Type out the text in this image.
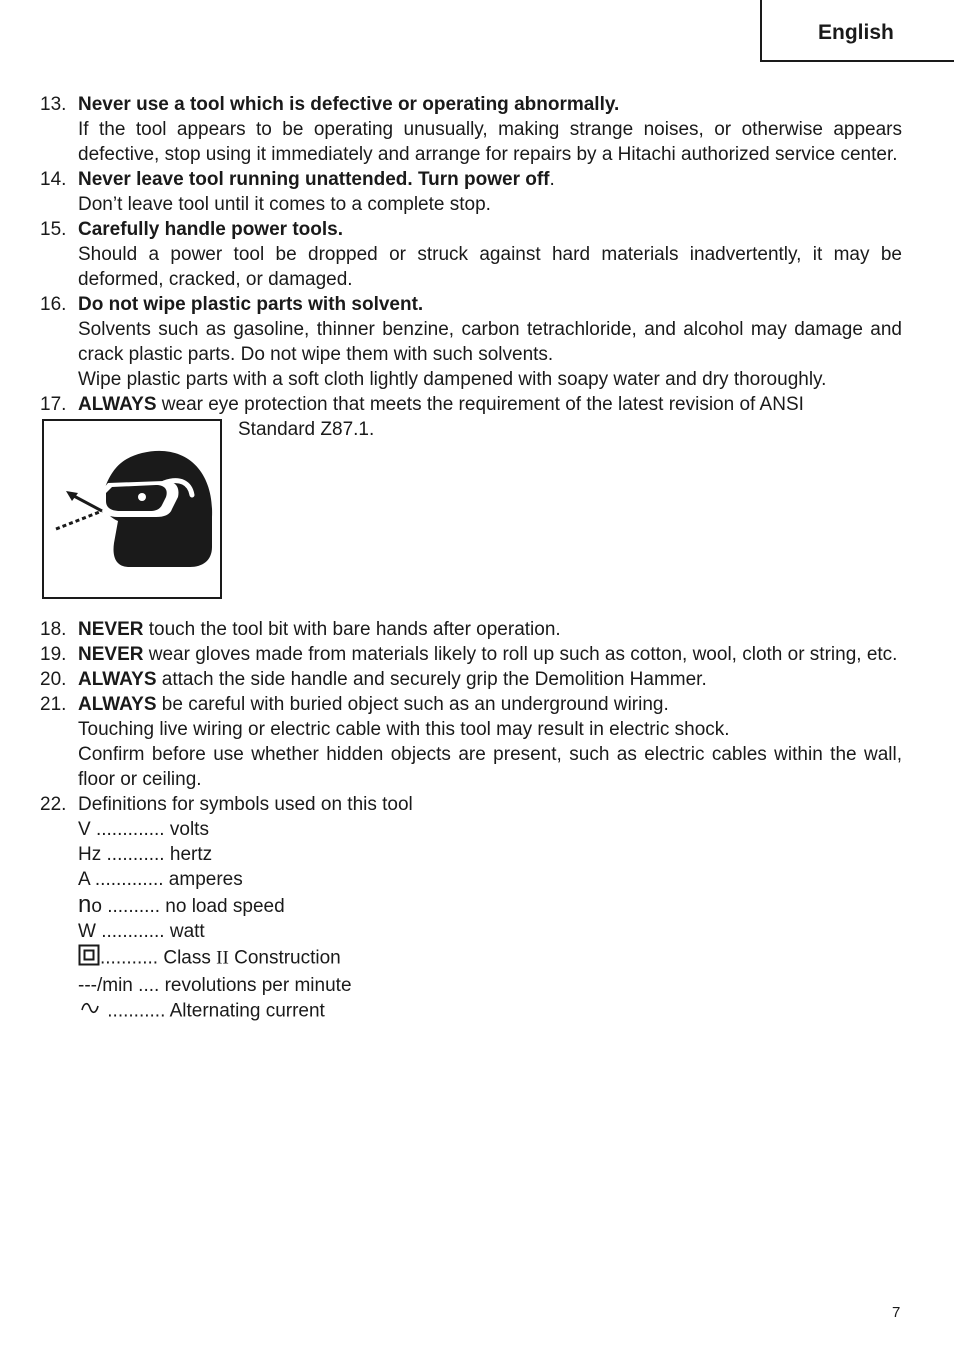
English
13. Never use a tool which is defective or operating abnormally.
If the tool appears to be operating unusually, making strange noises, or otherwise appears defective, stop using it immediately and arrange for repairs by a Hitachi authorized service center.
14. Never leave tool running unattended. Turn power off.
Don’t leave tool until it comes to a complete stop.
15. Carefully handle power tools.
Should a power tool be dropped or struck against hard materials inadvertently, it may be deformed, cracked, or damaged.
16. Do not wipe plastic parts with solvent.
Solvents such as gasoline, thinner benzine, carbon tetrachloride, and alcohol may damage and crack plastic parts. Do not wipe them with such solvents.
Wipe plastic parts with a soft cloth lightly dampened with soapy water and dry thoroughly.
17. ALWAYS wear eye protection that meets the requirement of the latest revision of ANSI
Standard Z87.1.
18. NEVER touch the tool bit with bare hands after operation.
19. NEVER wear gloves made from materials likely to roll up such as cotton, wool, cloth or string, etc.
20. ALWAYS attach the side handle and securely grip the Demolition Hammer.
21. ALWAYS be careful with buried object such as an underground wiring.
Touching live wiring or electric cable with this tool may result in electric shock.
Confirm before use whether hidden objects are present, such as electric cables within the wall, floor or ceiling.
22. Definitions for symbols used on this tool
V ............. volts
Hz ........... hertz
A ............. amperes
no .......... no load speed
W ............ watt
........... Class II Construction
---/min .... revolutions per minute
........... Alternating current
7
